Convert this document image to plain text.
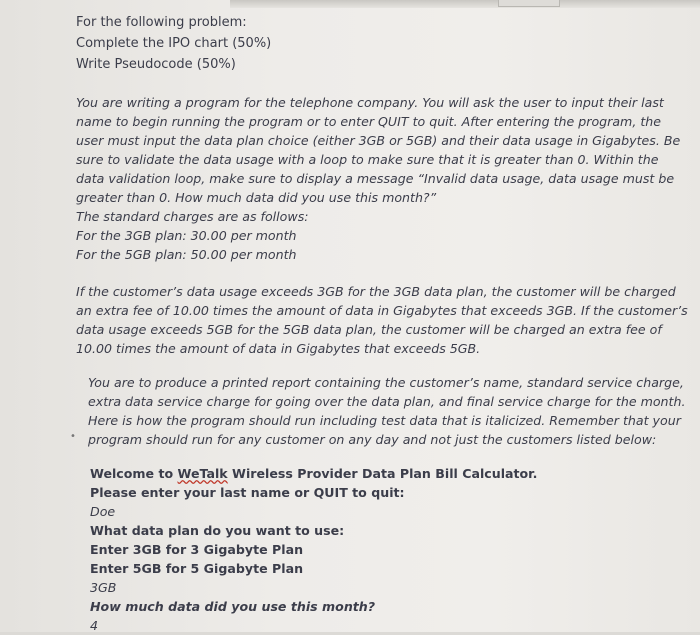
For the following problem:
Complete the IPO chart (50%)
Write Pseudocode (50%)
You are writing a program for the telephone company. You will ask the user to input their last
name to begin running the program or to enter QUIT to quit. After entering the program, the
user must input the data plan choice (either 3GB or 5GB) and their data usage in Gigabytes. Be
sure to validate the data usage with a loop to make sure that it is greater than 0. Within the
data validation loop, make sure to display a message “Invalid data usage, data usage must be
greater than 0. How much data did you use this month?”
The standard charges are as follows:
For the 3GB plan: 30.00 per month
For the 5GB plan: 50.00 per month
If the customer’s data usage exceeds 3GB for the 3GB data plan, the customer will be charged
an extra fee of 10.00 times the amount of data in Gigabytes that exceeds 3GB. If the customer’s
data usage exceeds 5GB for the 5GB data plan, the customer will be charged an extra fee of
10.00 times the amount of data in Gigabytes that exceeds 5GB.
•
You are to produce a printed report containing the customer’s name, standard service charge,
extra data service charge for going over the data plan, and final service charge for the month.
Here is how the program should run including test data that is italicized. Remember that your
program should run for any customer on any day and not just the customers listed below:
Welcome to WeTalk Wireless Provider Data Plan Bill Calculator.
Please enter your last name or QUIT to quit:
Doe
What data plan do you want to use:
Enter 3GB for 3 Gigabyte Plan
Enter 5GB for 5 Gigabyte Plan
3GB
How much data did you use this month?
4
